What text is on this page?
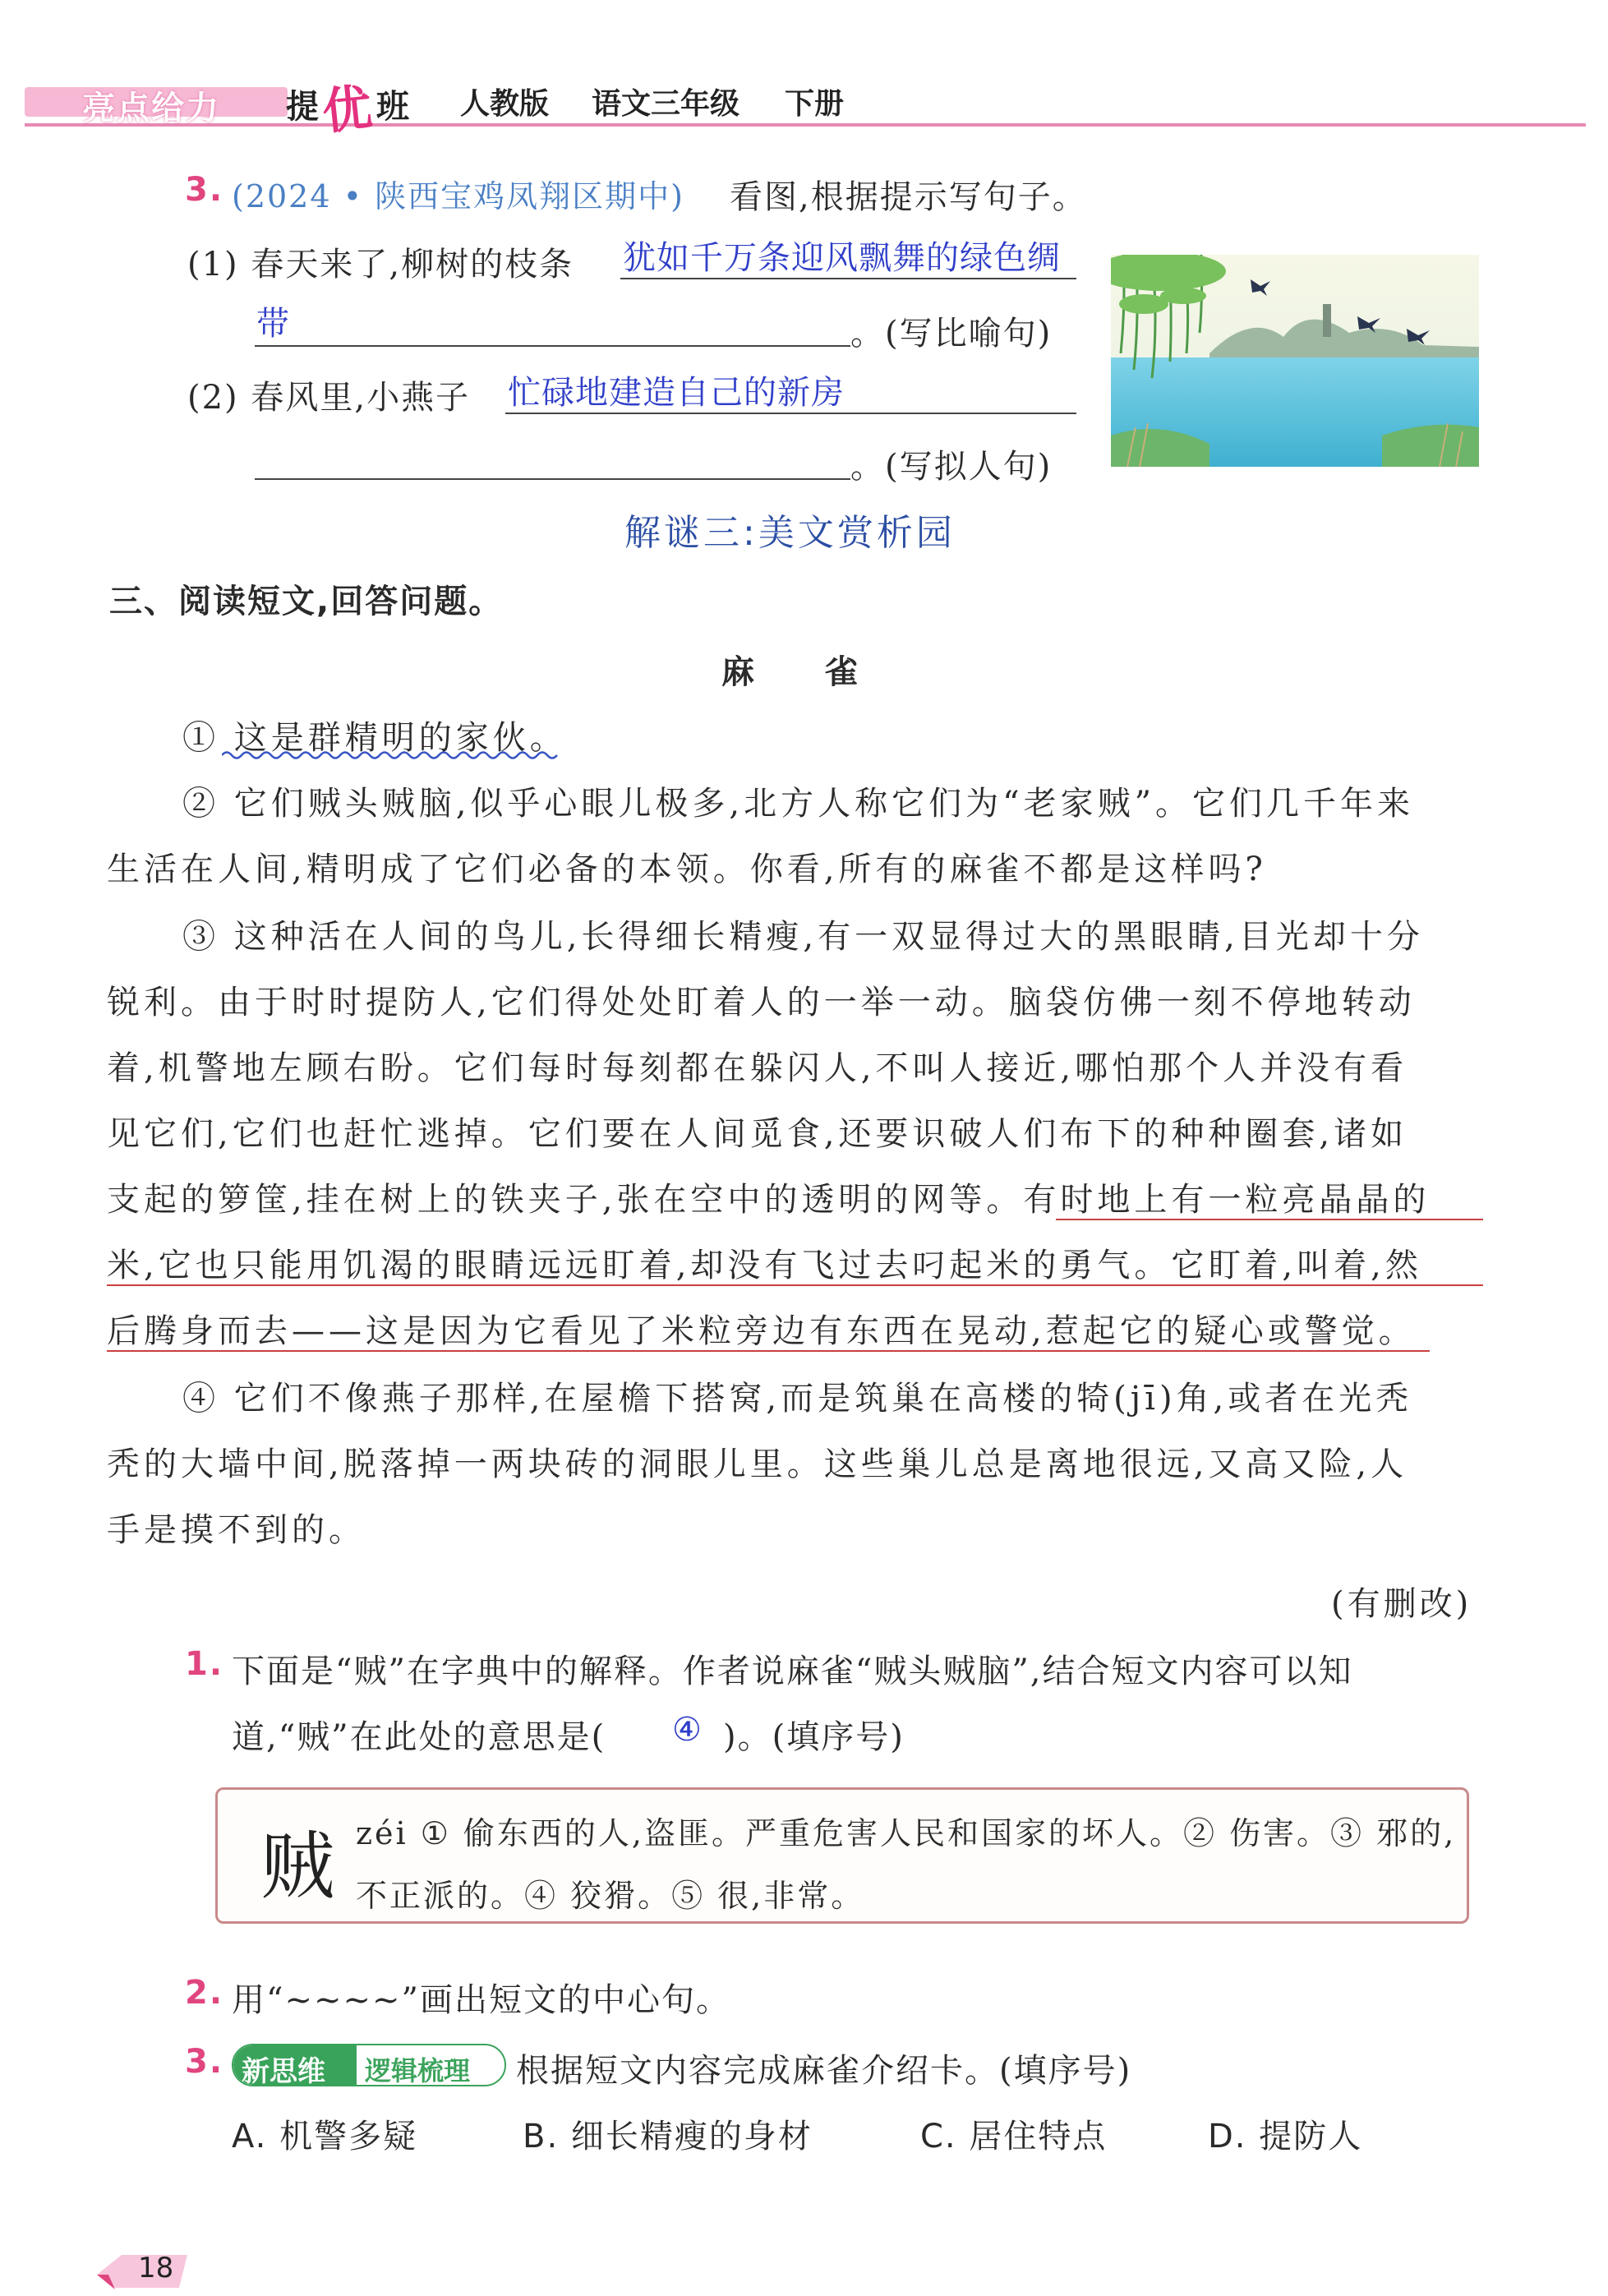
亮点给力 提 优 班 人教版 语文三年级 下册
3. (2024 • 陕西宝鸡凤翔区期中) 看图,根据提示写句子。
(1) 春天来了,柳树的枝条 犹如千万条迎风飘舞的绿色绸
带	。(写比喻句)
(2) 春风里,小燕子 忙碌地建造自己的新房
。(写拟人句)
解谜三:美文赏析园
三、阅读短文,回答问题。
麻　　雀
① 这是群精明的家伙。
② 它们贼头贼脑,似乎心眼儿极多,北方人称它们为“老家贼”。它们几千年来
生活在人间,精明成了它们必备的本领。你看,所有的麻雀不都是这样吗?
③ 这种活在人间的鸟儿,长得细长精瘦,有一双显得过大的黑眼睛,目光却十分
锐利。由于时时提防人,它们得处处盯着人的一举一动。脑袋仿佛一刻不停地转动
着,机警地左顾右盼。它们每时每刻都在躲闪人,不叫人接近,哪怕那个人并没有看
见它们,它们也赶忙逃掉。它们要在人间觅食,还要识破人们布下的种种圈套,诸如
支起的箩筐,挂在树上的铁夹子,张在空中的透明的网等。有时地上有一粒亮晶晶的
米,它也只能用饥渴的眼睛远远盯着,却没有飞过去叼起米的勇气。它盯着,叫着,然
后腾身而去——这是因为它看见了米粒旁边有东西在晃动,惹起它的疑心或警觉。
④ 它们不像燕子那样,在屋檐下搭窝,而是筑巢在高楼的犄(jī)角,或者在光秃
秃的大墙中间,脱落掉一两块砖的洞眼儿里。这些巢儿总是离地很远,又高又险,人
手是摸不到的。
(有删改)
1. 下面是“贼”在字典中的解释。作者说麻雀“贼头贼脑”,结合短文内容可以知
道,“贼”在此处的意思是( ④ )。(填序号)
贼 zéi ① 偷东西的人,盗匪。严重危害人民和国家的坏人。② 伤害。③ 邪的,
不正派的。④ 狡猾。⑤ 很,非常。
2. 用“~~~~”画出短文的中心句。
3. 新思维 逻辑梳理 根据短文内容完成麻雀介绍卡。(填序号)
A. 机警多疑	B. 细长精瘦的身材	C. 居住特点	D. 提防人
18
